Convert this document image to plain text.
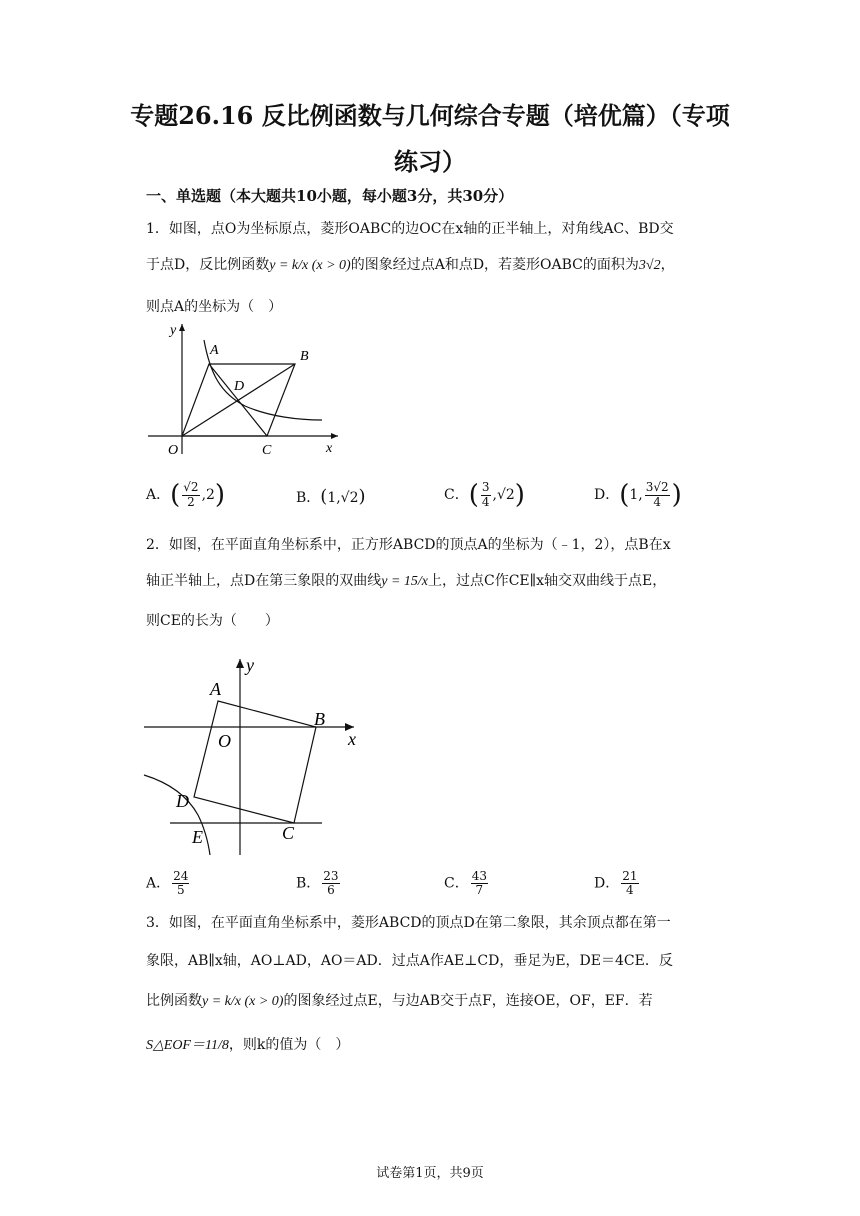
专题26.16 反比例函数与几何综合专题（培优篇）（专项
练习）
一、单选题（本大题共10小题，每小题3分，共30分）
1．如图，点O为坐标原点，菱形OABC的边OC在x轴的正半轴上，对角线AC、BD交
于点D，反比例函数y = k/x (x > 0)的图象经过点A和点D，若菱形OABC的面积为3√2，
则点A的坐标为（　）
y
A	B
D
O	C	x
A．( $\frac{√2}{2} ,2$)	B．(1,√2)	C．( $\frac{3}{4} ,√2$)	D．(1, $\frac{3√2}{4}$ )
2．如图，在平面直角坐标系中，正方形ABCD的顶点A的坐标为（﹣1，2），点B在x
轴正半轴上，点D在第三象限的双曲线y = 15/x上，过点C作CE∥x轴交双曲线于点E，
则CE的长为（　　）
y
A
B
O	x
D
E	C
A． $\frac{24}{5}$	B． $\frac{23}{6}$	C． $\frac{43}{7}$	D． $\frac{21}{4}$
3．如图，在平面直角坐标系中，菱形ABCD的顶点D在第二象限，其余顶点都在第一
象限，AB∥x轴，AO⊥AD，AO＝AD．过点A作AE⊥CD，垂足为E，DE＝4CE．反
比例函数y = k/x (x > 0)的图象经过点E，与边AB交于点F，连接OE，OF，EF．若
S△EOF＝11/8，则k的值为（　）
试卷第1页，共9页
